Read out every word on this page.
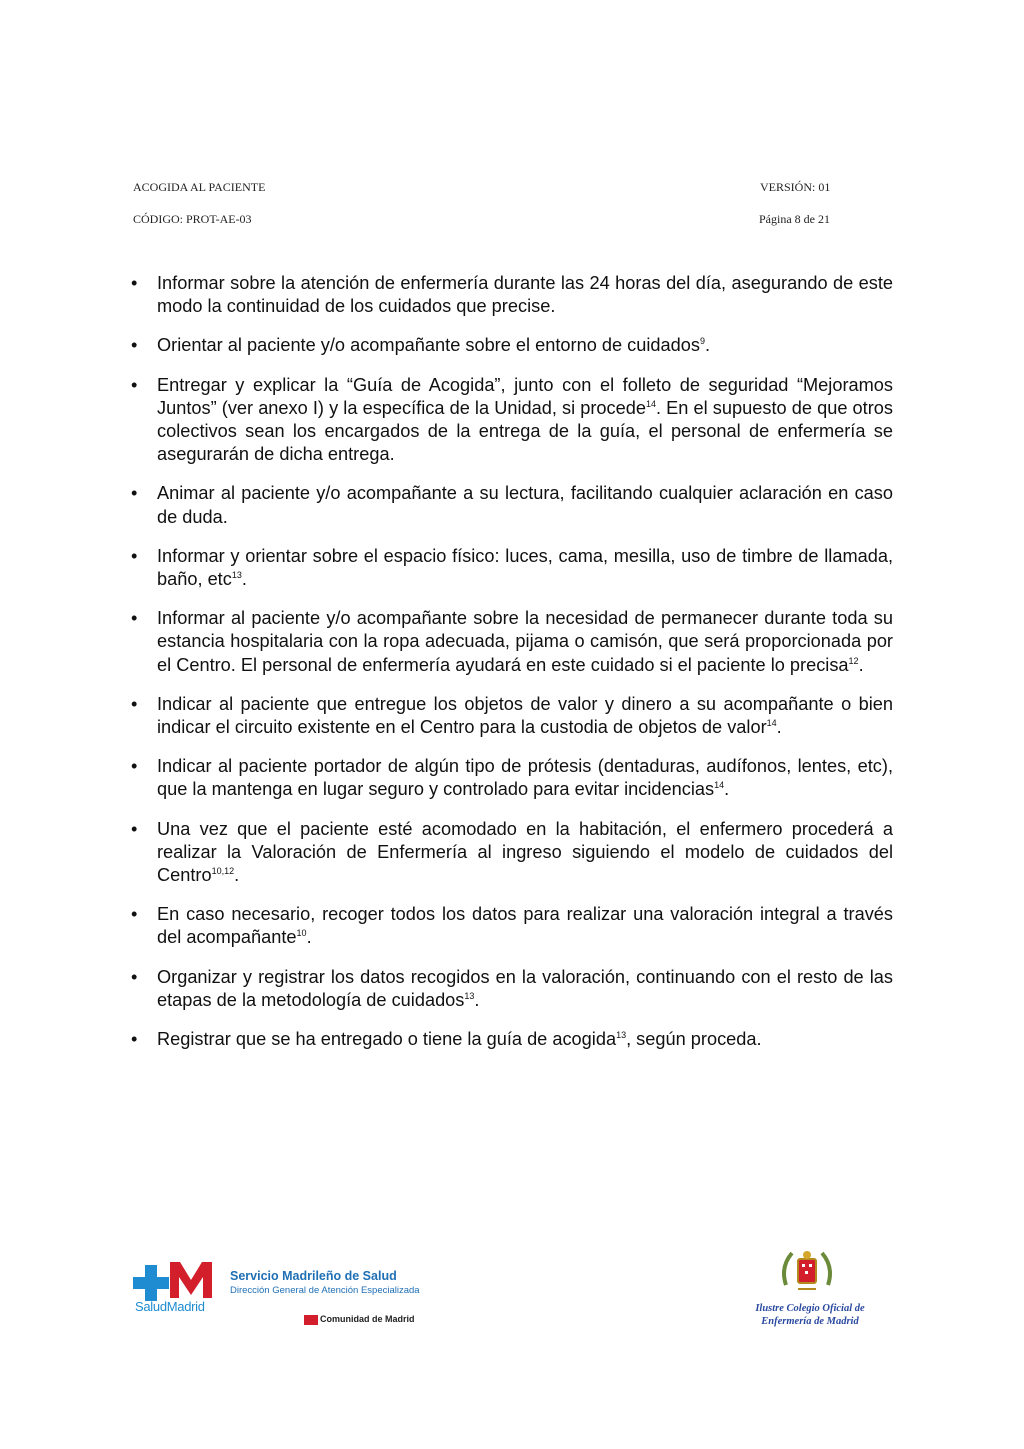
ACOGIDA AL PACIENTE	VERSIÓN: 01
CÓDIGO: PROT-AE-03	Página 8 de 21
• Informar sobre la atención de enfermería durante las 24 horas del día, asegurando de este modo la continuidad de los cuidados que precise.
• Orientar al paciente y/o acompañante sobre el entorno de cuidados$^9$.
• Entregar y explicar la “Guía de Acogida”, junto con el folleto de seguridad “Mejoramos Juntos” (ver anexo I) y la específica de la Unidad, si procede$^{14}$. En el supuesto de que otros colectivos sean los encargados de la entrega de la guía, el personal de enfermería se asegurarán de dicha entrega.
• Animar al paciente y/o acompañante a su lectura, facilitando cualquier aclaración en caso de duda.
• Informar y orientar sobre el espacio físico: luces, cama, mesilla, uso de timbre de llamada, baño, etc$^{13}$.
• Informar al paciente y/o acompañante sobre la necesidad de permanecer durante toda su estancia hospitalaria con la ropa adecuada, pijama o camisón, que será proporcionada por el Centro. El personal de enfermería ayudará en este cuidado si el paciente lo precisa$^{12}$.
• Indicar al paciente que entregue los objetos de valor y dinero a su acompañante o bien indicar el circuito existente en el Centro para la custodia de objetos de valor$^{14}$.
• Indicar al paciente portador de algún tipo de prótesis (dentaduras, audífonos, lentes, etc), que la mantenga en lugar seguro y controlado para evitar incidencias$^{14}$.
• Una vez que el paciente esté acomodado en la habitación, el enfermero procederá a realizar la Valoración de Enfermería al ingreso siguiendo el modelo de cuidados del Centro$^{10,12}$.
• En caso necesario, recoger todos los datos para realizar una valoración integral a través del acompañante$^{10}$.
• Organizar y registrar los datos recogidos en la valoración, continuando con el resto de las etapas de la metodología de cuidados$^{13}$.
• Registrar que se ha entregado o tiene la guía de acogida$^{13}$, según proceda.
SaludMadrid
Servicio Madrileño de Salud
Dirección General de Atención Especializada
Comunidad de Madrid
Ilustre Colegio Oficial de
Enfermería de Madrid
